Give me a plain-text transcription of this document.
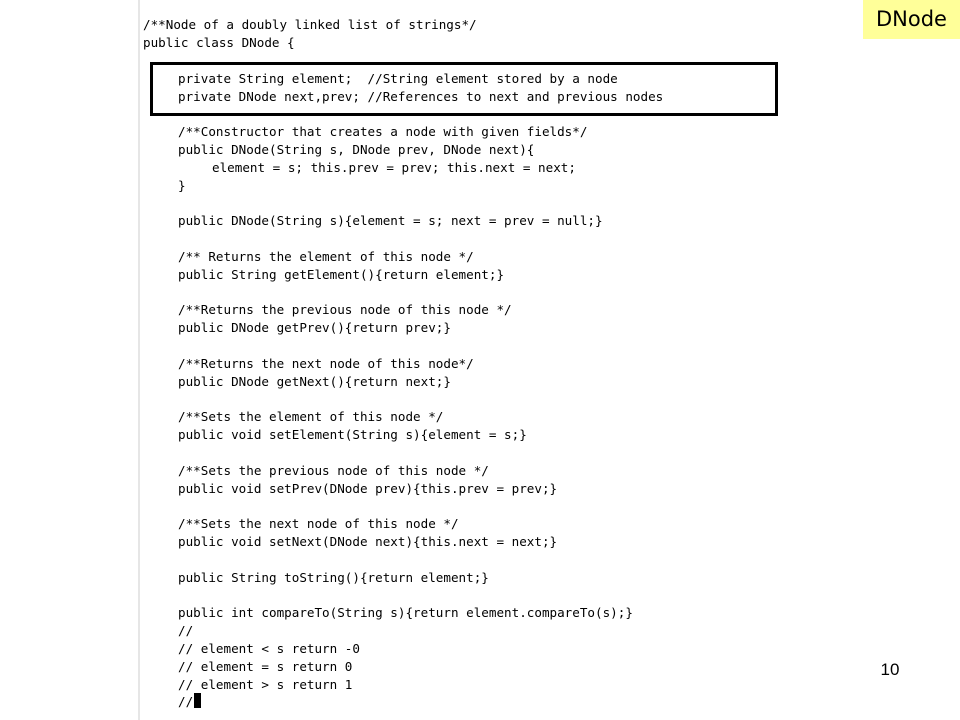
/**Node of a doubly linked list of strings*/
public class DNode {
private String element;  //String element stored by a node
private DNode next,prev; //References to next and previous nodes
/**Constructor that creates a node with given fields*/
public DNode(String s, DNode prev, DNode next){
element = s; this.prev = prev; this.next = next;
}
public DNode(String s){element = s; next = prev = null;}
/** Returns the element of this node */
public String getElement(){return element;}
/**Returns the previous node of this node */
public DNode getPrev(){return prev;}
/**Returns the next node of this node*/
public DNode getNext(){return next;}
/**Sets the element of this node */
public void setElement(String s){element = s;}
/**Sets the previous node of this node */
public void setPrev(DNode prev){this.prev = prev;}
/**Sets the next node of this node */
public void setNext(DNode next){this.next = next;}
public String toString(){return element;}
public int compareTo(String s){return element.compareTo(s);}
//
// element < s return -0
// element = s return 0
// element > s return 1
//
DNode
10
